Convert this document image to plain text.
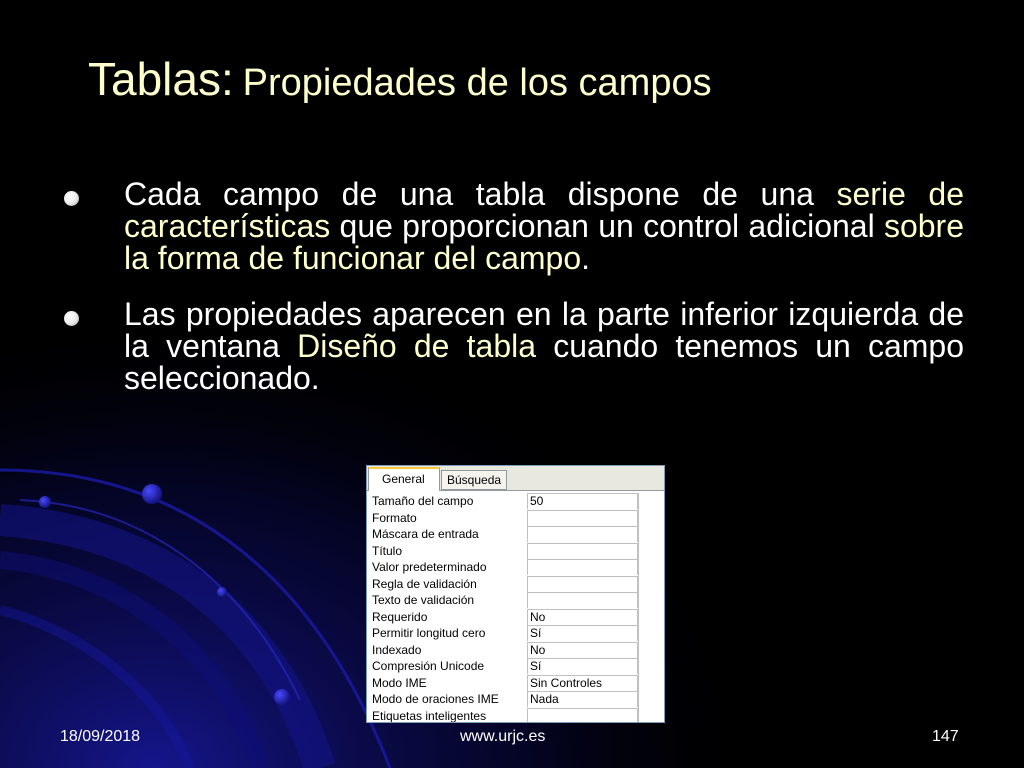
Tablas: Propiedades de los campos
Cada campo de una tabla dispone de una serie de características que proporcionan un control adicional sobre la forma de funcionar del campo.
Las propiedades aparecen en la parte inferior izquierda de la ventana Diseño de tabla cuando tenemos un campo seleccionado.
General	Búsqueda
Tamaño del campo	50
Formato
Máscara de entrada
Título
Valor predeterminado
Regla de validación
Texto de validación
Requerido	No
Permitir longitud cero	Sí
Indexado	No
Compresión Unicode	Sí
Modo IME	Sin Controles
Modo de oraciones IME	Nada
Etiquetas inteligentes
18/09/2018	www.urjc.es	147
